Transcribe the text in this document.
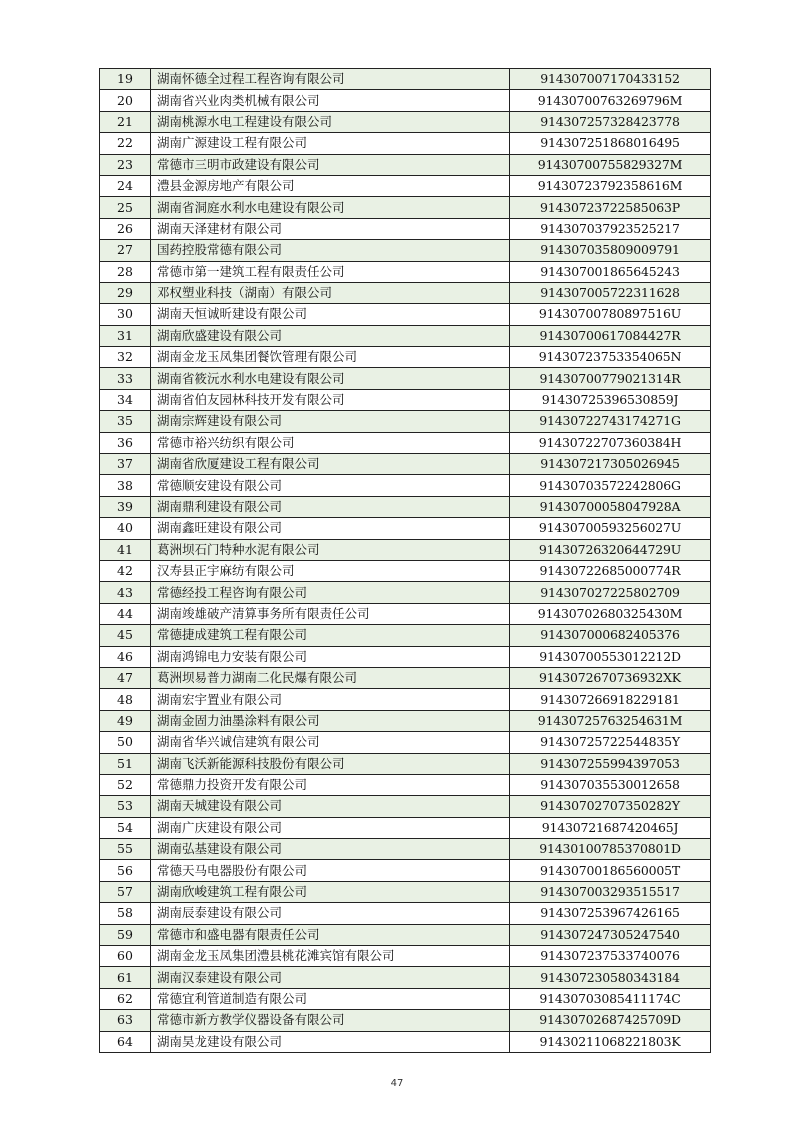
19	湖南怀德全过程工程咨询有限公司	914307007170433152
20	湖南省兴业肉类机械有限公司	91430700763269796M
21	湖南桃源水电工程建设有限公司	914307257328423778
22	湖南广源建设工程有限公司	914307251868016495
23	常德市三明市政建设有限公司	91430700755829327M
24	澧县金源房地产有限公司	91430723792358616M
25	湖南省洞庭水利水电建设有限公司	91430723722585063P
26	湖南天泽建材有限公司	914307037923525217
27	国药控股常德有限公司	914307035809009791
28	常德市第一建筑工程有限责任公司	914307001865645243
29	邓权塑业科技（湖南）有限公司	914307005722311628
30	湖南天恒诚昕建设有限公司	91430700780897516U
31	湖南欣盛建设有限公司	91430700617084427R
32	湖南金龙玉凤集团餐饮管理有限公司	91430723753354065N
33	湖南省筱沅水利水电建设有限公司	91430700779021314R
34	湖南省伯友园林科技开发有限公司	91430725396530859J
35	湖南宗辉建设有限公司	91430722743174271G
36	常德市裕兴纺织有限公司	91430722707360384H
37	湖南省欣厦建设工程有限公司	914307217305026945
38	常德顺安建设有限公司	91430703572242806G
39	湖南鼎利建设有限公司	91430700058047928A
40	湖南鑫旺建设有限公司	91430700593256027U
41	葛洲坝石门特种水泥有限公司	91430726320644729U
42	汉寿县正宇麻纺有限公司	91430722685000774R
43	常德经投工程咨询有限公司	914307027225802709
44	湖南竣雄破产清算事务所有限责任公司	91430702680325430M
45	常德捷成建筑工程有限公司	914307000682405376
46	湖南鸿锦电力安装有限公司	91430700553012212D
47	葛洲坝易普力湖南二化民爆有限公司	9143072670736932XK
48	湖南宏宇置业有限公司	914307266918229181
49	湖南金固力油墨涂料有限公司	91430725763254631M
50	湖南省华兴诚信建筑有限公司	91430725722544835Y
51	湖南飞沃新能源科技股份有限公司	914307255994397053
52	常德鼎力投资开发有限公司	914307035530012658
53	湖南天城建设有限公司	91430702707350282Y
54	湖南广庆建设有限公司	91430721687420465J
55	湖南弘基建设有限公司	91430100785370801D
56	常德天马电器股份有限公司	91430700186560005T
57	湖南欣峻建筑工程有限公司	914307003293515517
58	湖南辰泰建设有限公司	914307253967426165
59	常德市和盛电器有限责任公司	914307247305247540
60	湖南金龙玉凤集团澧县桃花滩宾馆有限公司	914307237533740076
61	湖南汉泰建设有限公司	914307230580343184
62	常德宜利管道制造有限公司	91430703085411174C
63	常德市新方教学仪器设备有限公司	91430702687425709D
64	湖南昊龙建设有限公司	91430211068221803K
47
